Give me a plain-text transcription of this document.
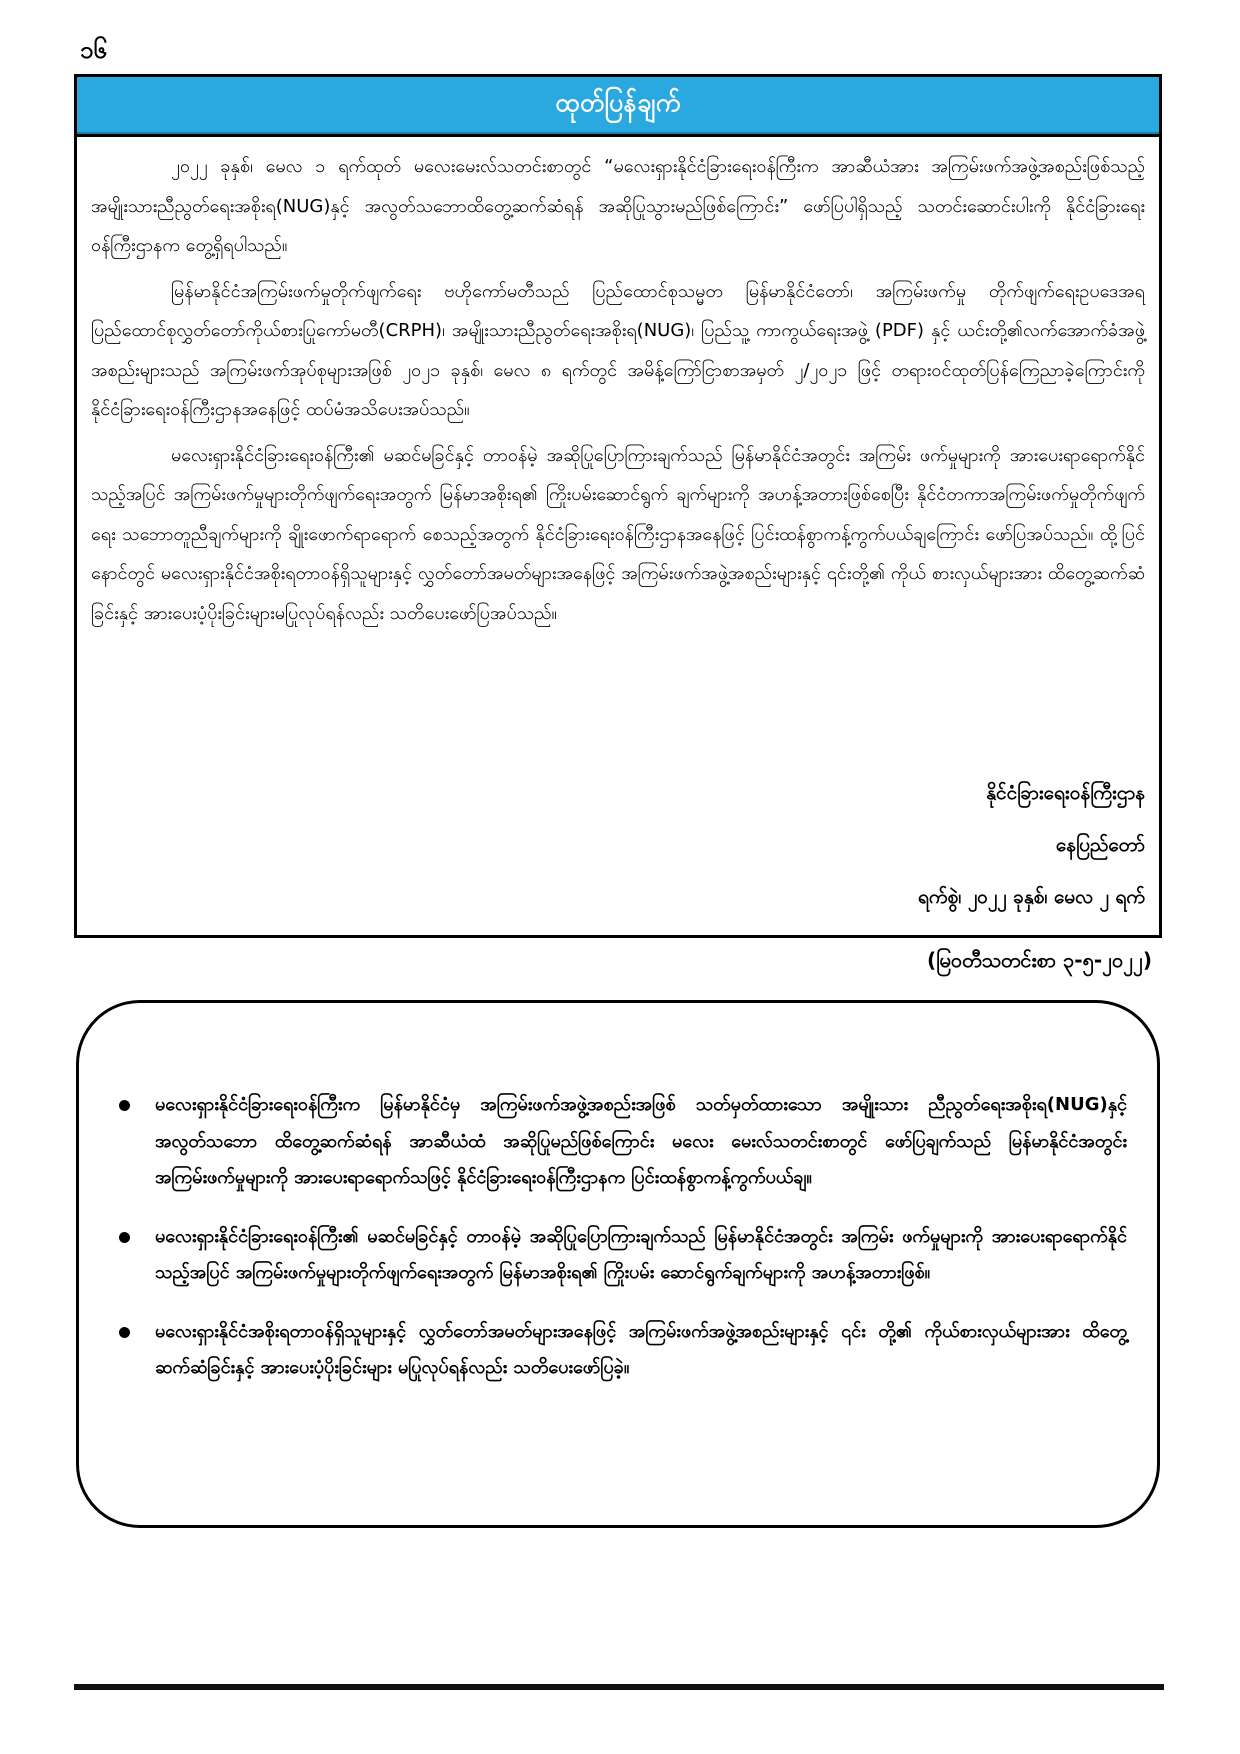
၁၆
ထုတ်ပြန်ချက်

၂၀၂၂ ခုနှစ်၊ မေလ ၁ ရက်ထုတ် မလေးမေးလ်သတင်းစာတွင် “မလေးရှားနိုင်ငံခြားရေးဝန်ကြီးက အာဆီယံအား အကြမ်းဖက်အဖွဲ့အစည်းဖြစ်သည့် အမျိုးသားညီညွတ်ရေးအစိုးရ(NUG)နှင့် အလွတ်သဘောထိတွေ့ဆက်ဆံရန် အဆိုပြုသွားမည်ဖြစ်ကြောင်း” ဖော်ပြပါရှိသည့် သတင်းဆောင်းပါးကို နိုင်ငံခြားရေးဝန်ကြီးဌာနက တွေ့ရှိရပါသည်။

မြန်မာနိုင်ငံအကြမ်းဖက်မှုတိုက်ဖျက်ရေး ဗဟိုကော်မတီသည် ပြည်ထောင်စုသမ္မတ မြန်မာနိုင်ငံတော်၊ အကြမ်းဖက်မှု တိုက်ဖျက်ရေးဥပဒေအရ ပြည်ထောင်စုလွှတ်တော်ကိုယ်စားပြုကော်မတီ(CRPH)၊ အမျိုးသားညီညွတ်ရေးအစိုးရ(NUG)၊ ပြည်သူ့ ကာကွယ်ရေးအဖွဲ့ (PDF) နှင့် ယင်းတို့၏လက်အောက်ခံအဖွဲ့အစည်းများသည် အကြမ်းဖက်အုပ်စုများအဖြစ် ၂၀၂၁ ခုနှစ်၊ မေလ ၈ ရက်တွင် အမိန့်ကြော်ငြာစာအမှတ် ၂/၂၀၂၁ ဖြင့် တရားဝင်ထုတ်ပြန်ကြေညာခဲ့ကြောင်းကို နိုင်ငံခြားရေးဝန်ကြီးဌာနအနေဖြင့် ထပ်မံအသိပေးအပ်သည်။

မလေးရှားနိုင်ငံခြားရေးဝန်ကြီး၏ မဆင်မခြင်နှင့် တာဝန်မဲ့ အဆိုပြုပြောကြားချက်သည် မြန်မာနိုင်ငံအတွင်း အကြမ်း ဖက်မှုများကို အားပေးရာရောက်နိုင်သည့်အပြင် အကြမ်းဖက်မှုများတိုက်ဖျက်ရေးအတွက် မြန်မာအစိုးရ၏ ကြိုးပမ်းဆောင်ရွက် ချက်များကို အဟန့်အတားဖြစ်စေပြီး နိုင်ငံတကာအကြမ်းဖက်မှုတိုက်ဖျက်ရေး သဘောတူညီချက်များကို ချိုးဖောက်ရာရောက် စေသည့်အတွက် နိုင်ငံခြားရေးဝန်ကြီးဌာနအနေဖြင့် ပြင်းထန်စွာကန့်ကွက်ပယ်ချကြောင်း ဖော်ပြအပ်သည်။ ထို့ပြင် နောင်တွင် မလေးရှားနိုင်ငံအစိုးရတာဝန်ရှိသူများနှင့် လွှတ်တော်အမတ်များအနေဖြင့် အကြမ်းဖက်အဖွဲ့အစည်းများနှင့် ၎င်းတို့၏ ကိုယ် စားလှယ်များအား ထိတွေ့ဆက်ဆံခြင်းနှင့် အားပေးပံ့ပိုးခြင်းများမပြုလုပ်ရန်လည်း သတိပေးဖော်ပြအပ်သည်။

နိုင်ငံခြားရေးဝန်ကြီးဌာန
နေပြည်တော်
ရက်စွဲ၊ ၂၀၂၂ ခုနှစ်၊ မေလ ၂ ရက်
(မြဝတီသတင်းစာ ၃-၅-၂၀၂၂)
မလေးရှားနိုင်ငံခြားရေးဝန်ကြီးက မြန်မာနိုင်ငံမှ အကြမ်းဖက်အဖွဲ့အစည်းအဖြစ် သတ်မှတ်ထားသော အမျိုးသား ညီညွတ်ရေးအစိုးရ(NUG)နှင့် အလွတ်သဘော ထိတွေ့ဆက်ဆံရန် အာဆီယံထံ အဆိုပြုမည်ဖြစ်ကြောင်း မလေး မေးလ်သတင်းစာတွင် ဖော်ပြချက်သည် မြန်မာနိုင်ငံအတွင်း အကြမ်းဖက်မှုများကို အားပေးရာရောက်သဖြင့် နိုင်ငံခြားရေးဝန်ကြီးဌာနက ပြင်းထန်စွာကန့်ကွက်ပယ်ချ။
မလေးရှားနိုင်ငံခြားရေးဝန်ကြီး၏ မဆင်မခြင်နှင့် တာဝန်မဲ့ အဆိုပြုပြောကြားချက်သည် မြန်မာနိုင်ငံအတွင်း အကြမ်း ဖက်မှုများကို အားပေးရာရောက်နိုင်သည့်အပြင် အကြမ်းဖက်မှုများတိုက်ဖျက်ရေးအတွက် မြန်မာအစိုးရ၏ ကြိုးပမ်း ဆောင်ရွက်ချက်များကို အဟန့်အတားဖြစ်။
မလေးရှားနိုင်ငံအစိုးရတာဝန်ရှိသူများနှင့် လွှတ်တော်အမတ်များအနေဖြင့် အကြမ်းဖက်အဖွဲ့အစည်းများနှင့် ၎င်း တို့၏ ကိုယ်စားလှယ်များအား ထိတွေ့ဆက်ဆံခြင်းနှင့် အားပေးပံ့ပိုးခြင်းများ မပြုလုပ်ရန်လည်း သတိပေးဖော်ပြခဲ့။
